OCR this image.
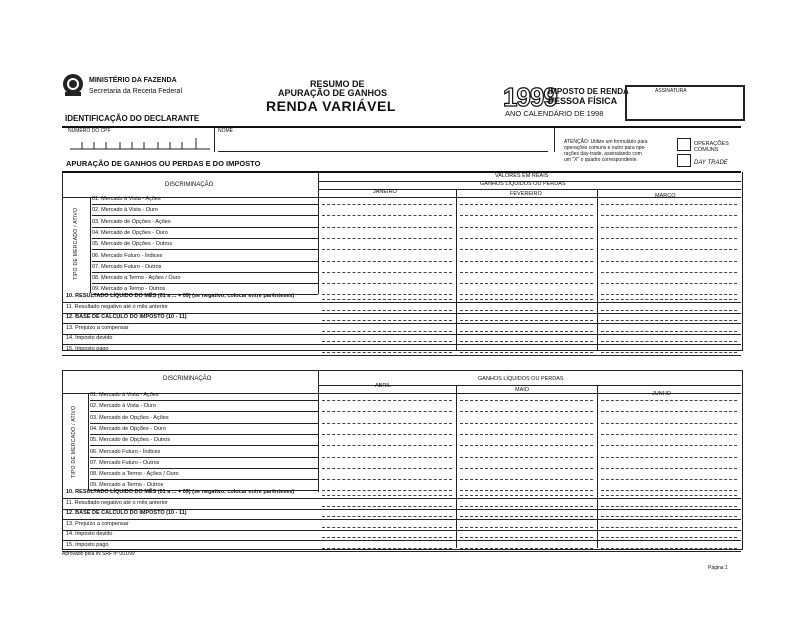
MINISTÉRIO DA FAZENDA
Secretaria da Receita Federal
RESUMO DE
APURAÇÃO DE GANHOS
RENDA VARIÁVEL	1999
IMPOSTO DE RENDA
PESSOA FÍSICA
ANO CALENDÁRIO DE 1998
ASSINATURA
IDENTIFICAÇÃO DO DECLARANTE
NÚMERO DO CPF	NOME
ATENÇÃO: Utilize um formulário para
operações comuns e outro para ope-
rações day-trade, assinalando com
um "X" o quadro correspondente.
OPERAÇÕES COMUNS
DAY TRADE
APURAÇÃO DE GANHOS OU PERDAS E DO IMPOSTO
VALORES EM REAIS
GANHOS LÍQUIDOS OU PERDAS
DISCRIMINAÇÃO
JANEIRO	FEVEREIRO	MARÇO
TIPO DE MERCADO / ATIVO
01. Mercado à Vista - Ações
02. Mercado à Vista - Ouro
03. Mercado de Opções - Ações
04. Mercado de Opções - Ouro
05. Mercado de Opções - Outros
06. Mercado Futuro - Índices
07. Mercado Futuro - Outros
08. Mercado a Termo - Ações / Ouro
09. Mercado a Termo - Outros
10. RESULTADO LÍQUIDO DO MÊS (01 a ... + 09) (se negativo, colocar entre parênteses)
11. Resultado negativo até o mês anterior
12. BASE DE CÁLCULO DO IMPOSTO (10 - 11)
13. Prejuízo a compensar
14. Imposto devido
15. Imposto pago
DISCRIMINAÇÃO	GANHOS LÍQUIDOS OU PERDAS
ABRIL
MAIO
JUNHO
TIPO DE MERCADO / ATIVO
01. Mercado à Vista - Ações
02. Mercado à Vista - Ouro
03. Mercado de Opções - Ações
04. Mercado de Opções - Ouro
05. Mercado de Opções - Outros
06. Mercado Futuro - Índices
07. Mercado Futuro - Outros
08. Mercado a Termo - Ações / Ouro
09. Mercado a Termo - Outros
10. RESULTADO LÍQUIDO DO MÊS (01 a ... + 09) (se negativo, colocar entre parênteses)
11. Resultado negativo até o mês anterior
12. BASE DE CÁLCULO DO IMPOSTO (10 - 11)
13. Prejuízo a compensar
14. Imposto devido
15. Imposto pago
Aprovado pela IN SRF nº 001/99
Página 1
